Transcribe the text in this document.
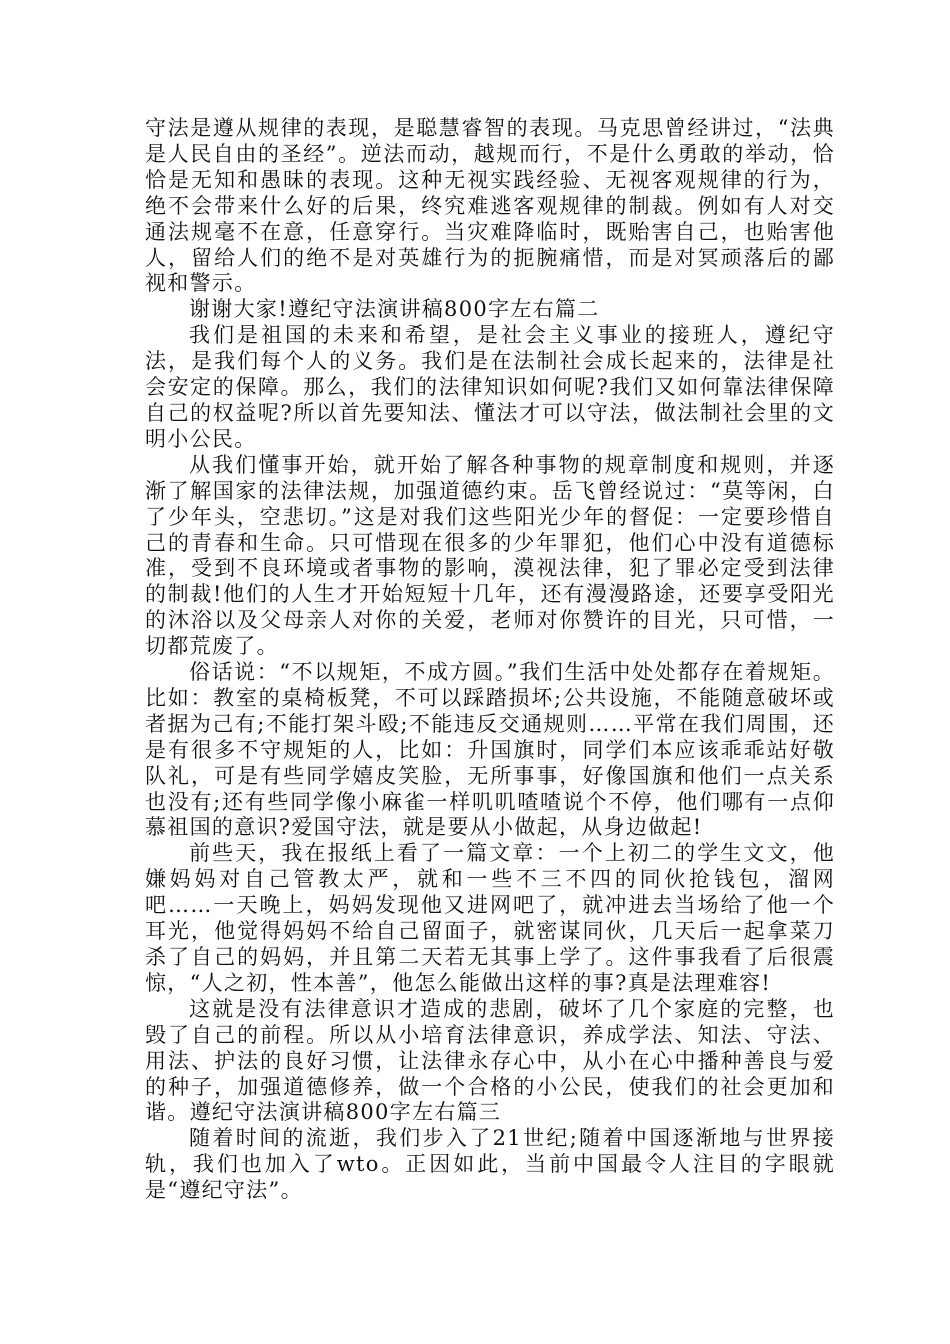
守法是遵从规律的表现，是聪慧睿智的表现。马克思曾经讲过，“法典是人民自由的圣经”。逆法而动，越规而行，不是什么勇敢的举动，恰恰是无知和愚昧的表现。这种无视实践经验、无视客观规律的行为，绝不会带来什么好的后果，终究难逃客观规律的制裁。例如有人对交通法规毫不在意，任意穿行。当灾难降临时，既贻害自己，也贻害他人，留给人们的绝不是对英雄行为的扼腕痛惜，而是对冥顽落后的鄙视和警示。

谢谢大家!遵纪守法演讲稿800字左右篇二

我们是祖国的未来和希望，是社会主义事业的接班人，遵纪守法，是我们每个人的义务。我们是在法制社会成长起来的，法律是社会安定的保障。那么，我们的法律知识如何呢?我们又如何靠法律保障自己的权益呢?所以首先要知法、懂法才可以守法，做法制社会里的文明小公民。

从我们懂事开始，就开始了解各种事物的规章制度和规则，并逐渐了解国家的法律法规，加强道德约束。岳飞曾经说过：“莫等闲，白了少年头，空悲切。”这是对我们这些阳光少年的督促：一定要珍惜自己的青春和生命。只可惜现在很多的少年罪犯，他们心中没有道德标准，受到不良环境或者事物的影响，漠视法律，犯了罪必定受到法律的制裁!他们的人生才开始短短十几年，还有漫漫路途，还要享受阳光的沐浴以及父母亲人对你的关爱，老师对你赞许的目光，只可惜，一切都荒废了。

俗话说：“不以规矩，不成方圆。”我们生活中处处都存在着规矩。比如：教室的桌椅板凳，不可以踩踏损坏;公共设施，不能随意破坏或者据为己有;不能打架斗殴;不能违反交通规则……平常在我们周围，还是有很多不守规矩的人，比如：升国旗时，同学们本应该乖乖站好敬队礼，可是有些同学嬉皮笑脸，无所事事，好像国旗和他们一点关系也没有;还有些同学像小麻雀一样叽叽喳喳说个不停，他们哪有一点仰慕祖国的意识?爱国守法，就是要从小做起，从身边做起!

前些天，我在报纸上看了一篇文章：一个上初二的学生文文，他嫌妈妈对自己管教太严，就和一些不三不四的同伙抢钱包，溜网吧……一天晚上，妈妈发现他又进网吧了，就冲进去当场给了他一个耳光，他觉得妈妈不给自己留面子，就密谋同伙，几天后一起拿菜刀杀了自己的妈妈，并且第二天若无其事上学了。这件事我看了后很震惊，“人之初，性本善”，他怎么能做出这样的事?真是法理难容!

这就是没有法律意识才造成的悲剧，破坏了几个家庭的完整，也毁了自己的前程。所以从小培育法律意识，养成学法、知法、守法、用法、护法的良好习惯，让法律永存心中，从小在心中播种善良与爱的种子，加强道德修养，做一个合格的小公民，使我们的社会更加和谐。遵纪守法演讲稿800字左右篇三

随着时间的流逝，我们步入了21世纪;随着中国逐渐地与世界接轨，我们也加入了wto。正因如此，当前中国最令人注目的字眼就是“遵纪守法”。
